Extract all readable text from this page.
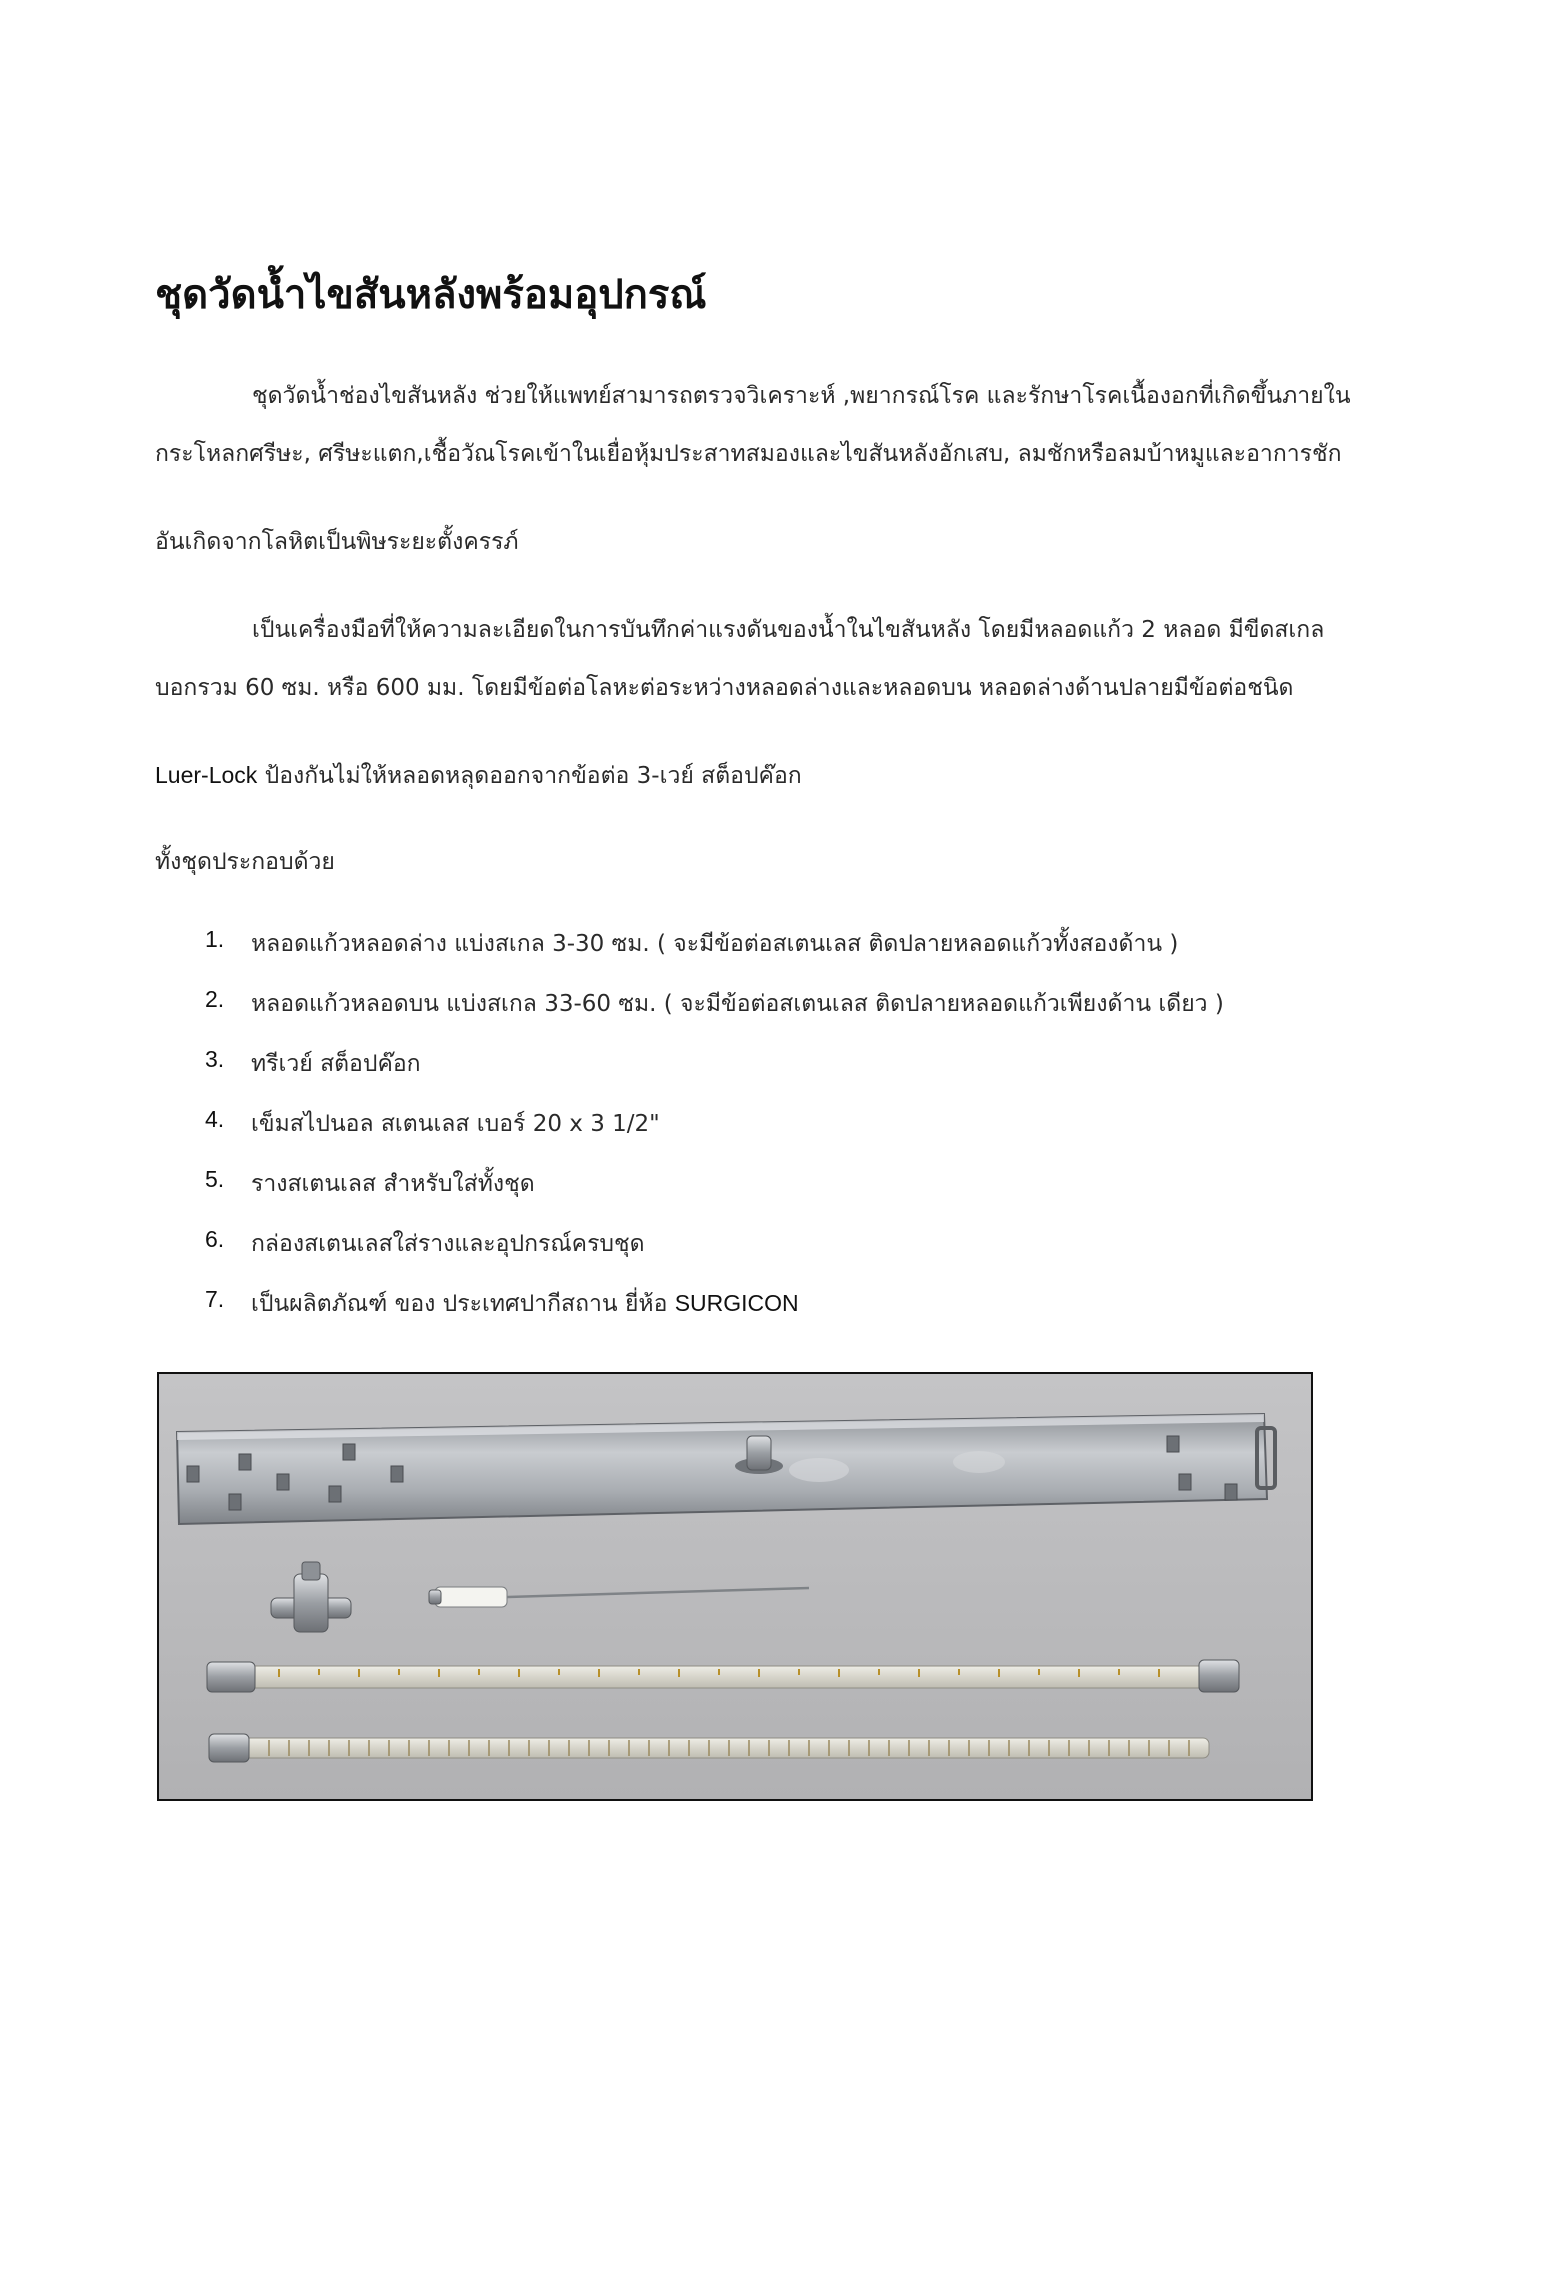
ชุดวัดน้ำไขสันหลังพร้อมอุปกรณ์

ชุดวัดน้ำช่องไขสันหลัง ช่วยให้แพทย์สามารถตรวจวิเคราะห์ ,พยากรณ์โรค และรักษาโรคเนื้องอกที่เกิดขึ้นภายใน

กระโหลกศรีษะ, ศรีษะแตก,เชื้อวัณโรคเข้าในเยื่อหุ้มประสาทสมองและไขสันหลังอักเสบ, ลมชักหรือลมบ้าหมูและอาการชัก

อันเกิดจากโลหิตเป็นพิษระยะตั้งครรภ์

เป็นเครื่องมือที่ให้ความละเอียดในการบันทึกค่าแรงดันของน้ำในไขสันหลัง โดยมีหลอดแก้ว 2 หลอด มีขีดสเกล

บอกรวม 60 ซม. หรือ 600 มม. โดยมีข้อต่อโลหะต่อระหว่างหลอดล่างและหลอดบน หลอดล่างด้านปลายมีข้อต่อชนิด

Luer-Lock ป้องกันไม่ให้หลอดหลุดออกจากข้อต่อ 3-เวย์ สต็อปค๊อก

ทั้งชุดประกอบด้วย

1.	หลอดแก้วหลอดล่าง แบ่งสเกล 3-30 ซม. ( จะมีข้อต่อสเตนเลส ติดปลายหลอดแก้วทั้งสองด้าน )
2.	หลอดแก้วหลอดบน แบ่งสเกล 33-60 ซม. ( จะมีข้อต่อสเตนเลส ติดปลายหลอดแก้วเพียงด้าน เดียว )
3.	ทรีเวย์ สต็อปค๊อก
4.	เข็มสไปนอล สเตนเลส เบอร์ 20 x 3 1/2"
5.	รางสเตนเลส สำหรับใส่ทั้งชุด
6.	กล่องสเตนเลสใส่รางและอุปกรณ์ครบชุด
7.	เป็นผลิตภัณฑ์ ของ ประเทศปากีสถาน ยี่ห้อ SURGICON
